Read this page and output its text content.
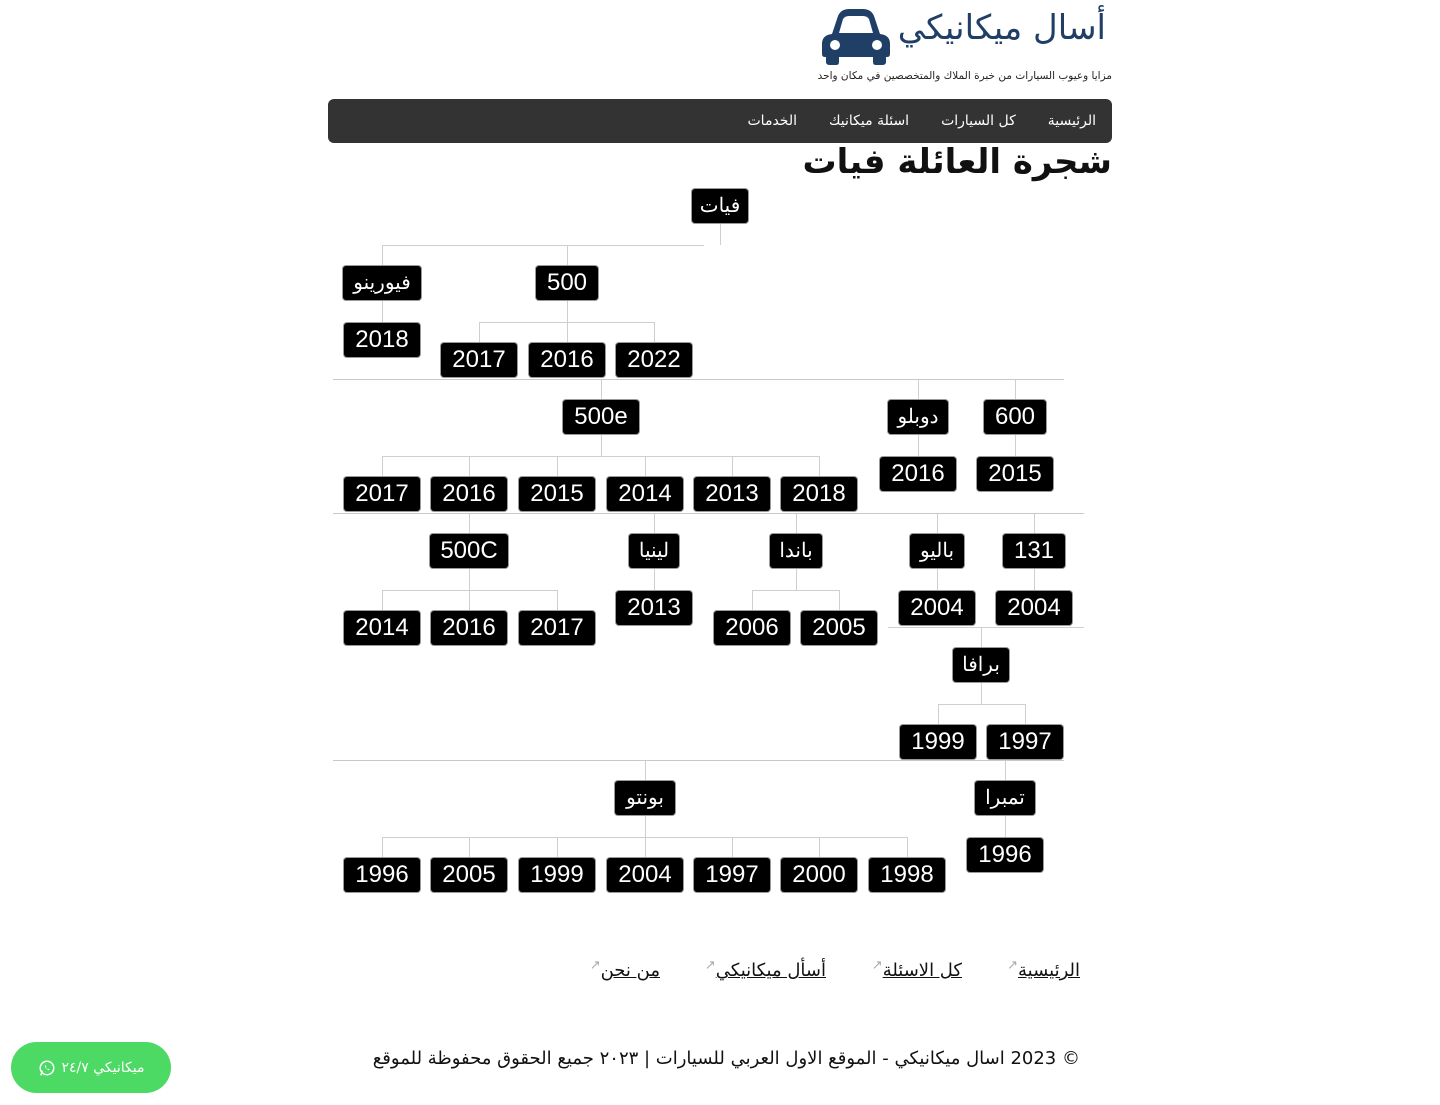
أسال ميكانيكي
مزايا وعيوب السيارات من خبرة الملاك والمتخصصين في مكان واحد
الرئيسية
كل السيارات
اسئلة ميكانيك
الخدمات
شجرة العائلة فيات
فيات
فيورينو	500
2018
2017	2016	2022
500e	دوبلو	600
2017	2016	2015	2014	2013	2018
2016	2015
500C	لينيا	باندا	باليو	131
2014	2016	2017
2013
2006	2005
2004	2004
برافا
1999	1997
بونتو	تمبرا
1996	2005	1999	2004	1997	2000	1998
1996
الرئيسية↗
كل الاسئلة↗
أسأل ميكانيكي↗
من نحن↗
© 2023 اسال ميكانيكي - الموقع الاول العربي للسيارات | ٢٠٢٣ جميع الحقوق محفوظة للموقع
ميكانيكي ٢٤/٧
